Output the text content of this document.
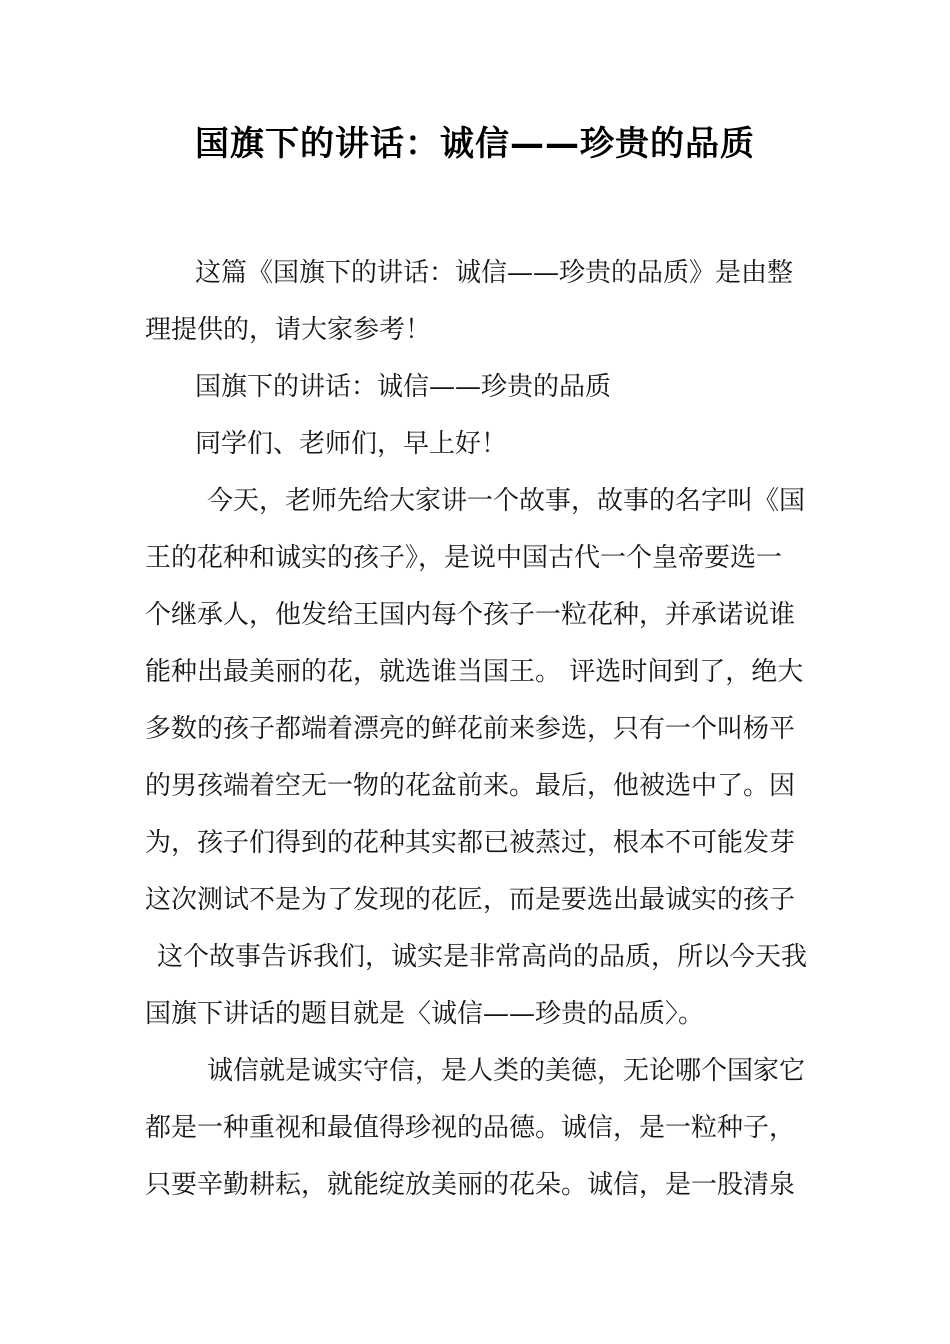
国旗下的讲话：诚信——珍贵的品质
这篇《国旗下的讲话：诚信——珍贵的品质》是由整
理提供的，请大家参考！
国旗下的讲话：诚信——珍贵的品质
同学们、老师们，早上好！
今天，老师先给大家讲一个故事，故事的名字叫《国
王的花种和诚实的孩子》，是说中国古代一个皇帝要选一
个继承人，他发给王国内每个孩子一粒花种，并承诺说谁
能种出最美丽的花，就选谁当国王。 评选时间到了，绝大
多数的孩子都端着漂亮的鲜花前来参选，只有一个叫杨平
的男孩端着空无一物的花盆前来。最后，他被选中了。因
为，孩子们得到的花种其实都已被蒸过，根本不可能发芽
这次测试不是为了发现的花匠，而是要选出最诚实的孩子
这个故事告诉我们，诚实是非常高尚的品质，所以今天我
国旗下讲话的题目就是〈诚信——珍贵的品质〉。
诚信就是诚实守信，是人类的美德，无论哪个国家它
都是一种重视和最值得珍视的品德。诚信，是一粒种子，
只要辛勤耕耘，就能绽放美丽的花朵。诚信，是一股清泉
